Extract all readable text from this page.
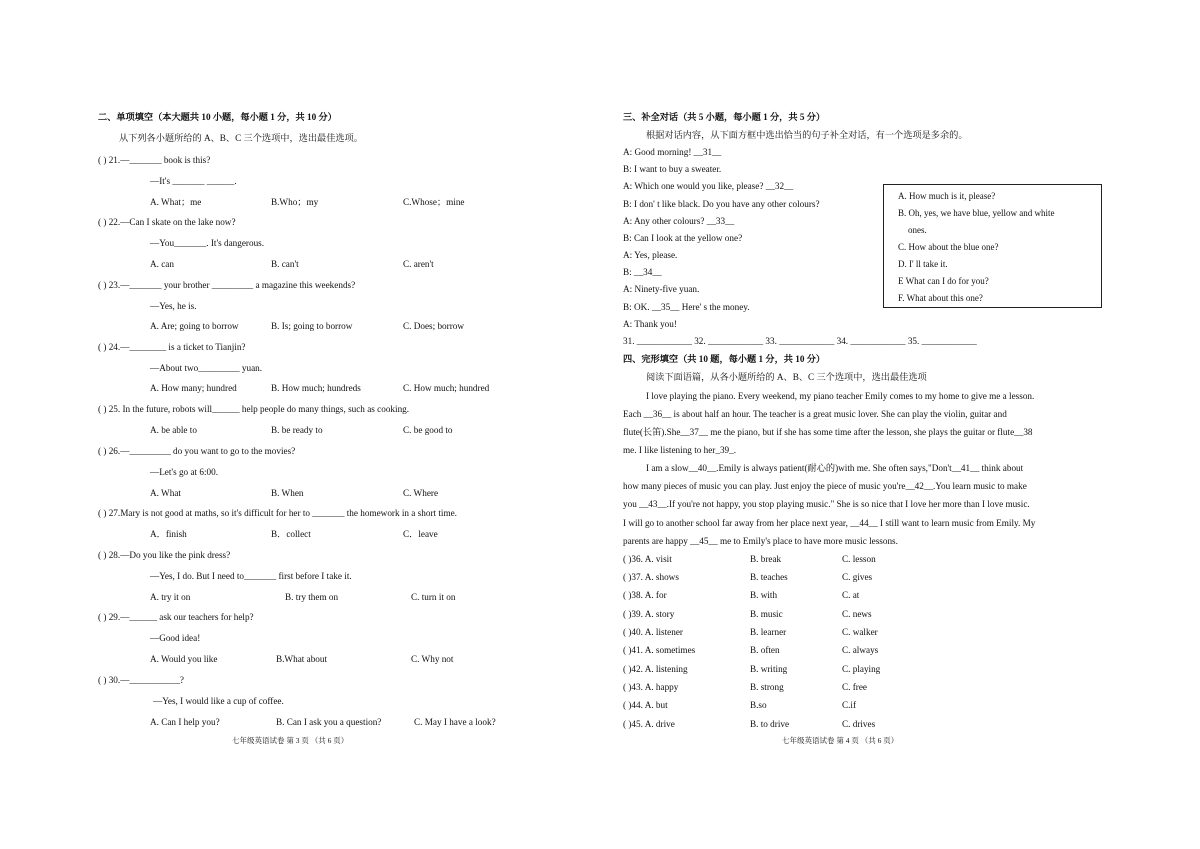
二、单项填空（本大题共 10 小题，每小题 1 分，共 10 分）
从下列各小题所给的 A、B、C 三个选项中，选出最佳选项。
( ) 21.—_______ book is this?
—It's _______ ______.
A. What；me	B.Who；my	C.Whose；mine
( ) 22.—Can I skate on the lake now?
—You_______. It's dangerous.
A. can	B. can't	C. aren't
( ) 23.—_______ your brother _________ a magazine this weekends?
—Yes, he is.
A. Are; going to borrow	B. Is; going to borrow	C. Does; borrow
( ) 24.—________ is a ticket to Tianjin?
—About two_________ yuan.
A. How many; hundred	B. How much; hundreds	C. How much; hundred
( ) 25. In the future, robots will______ help people do many things, such as cooking.
A. be able to	B. be ready to	C. be good to
( ) 26.—_________ do you want to go to the movies?
—Let's go at 6:00.
A. What	B. When	C. Where
( ) 27.Mary is not good at maths, so it's difficult for her to _______ the homework in a short time.
A．finish	B．collect	C．leave
( ) 28.—Do you like the pink dress?
—Yes, I do. But I need to_______ first before I take it.
A. try it on	B. try them on	C. turn it on
( ) 29.—______ ask our teachers for help?
—Good idea!
A. Would you like	B.What about	C. Why not
( ) 30.—___________?
—Yes, I would like a cup of coffee.
A. Can I help you?	B. Can I ask you a question?	C. May I have a look?
七年级英语试卷 第 3 页 （共 6 页）
三、补全对话（共 5 小题，每小题 1 分，共 5 分）
根据对话内容，从下面方框中选出恰当的句子补全对话，有一个选项是多余的。
A: Good morning! __31__
B: I want to buy a sweater.
A: Which one would you like, please? __32__
B: I don' t like black. Do you have any other colours?
A: Any other colours? __33__
B: Can I look at the yellow one?
A: Yes, please.
B: __34__
A: Ninety-five yuan.
B: OK. __35__ Here' s the money.
A: Thank you!
A. How much is it, please?
B. Oh, yes, we have blue, yellow and white
ones.
C. How about the blue one?
D. I' ll take it.
E What can I do for you?
F. What about this one?
31. ____________ 32. ____________ 33. ____________ 34. ____________ 35. ____________
四、完形填空（共 10 题，每小题 1 分，共 10 分）
阅读下面语篇，从各小题所给的 A、B、C 三个选项中，选出最佳选项
I love playing the piano. Every weekend, my piano teacher Emily comes to my home to give me a lesson.
Each __36__ is about half an hour. The teacher is a great music lover. She can play the violin, guitar and
flute(长笛).She__37__ me the piano, but if she has some time after the lesson, she plays the guitar or flute__38
me. I like listening to her_39_.
I am a slow__40__.Emily is always patient(耐心的)with me. She often says,"Don't__41__ think about
how many pieces of music you can play. Just enjoy the piece of music you're__42__.You learn music to make
you __43__.If you're not happy, you stop playing music." She is so nice that I love her more than I love music.
I will go to another school far away from her place next year, __44__ I still want to learn music from Emily. My
parents are happy __45__ me to Emily's place to have more music lessons.
( )36. A. visit	B. break	C. lesson
( )37. A. shows	B. teaches	C. gives
( )38. A. for	B. with	C. at
( )39. A. story	B. music	C. news
( )40. A. listener	B. learner	C. walker
( )41. A. sometimes	B. often	C. always
( )42. A. listening	B. writing	C. playing
( )43. A. happy	B. strong	C. free
( )44. A. but	B.so	C.if
( )45. A. drive	B. to drive	C. drives
七年级英语试卷 第 4 页 （共 6 页）
